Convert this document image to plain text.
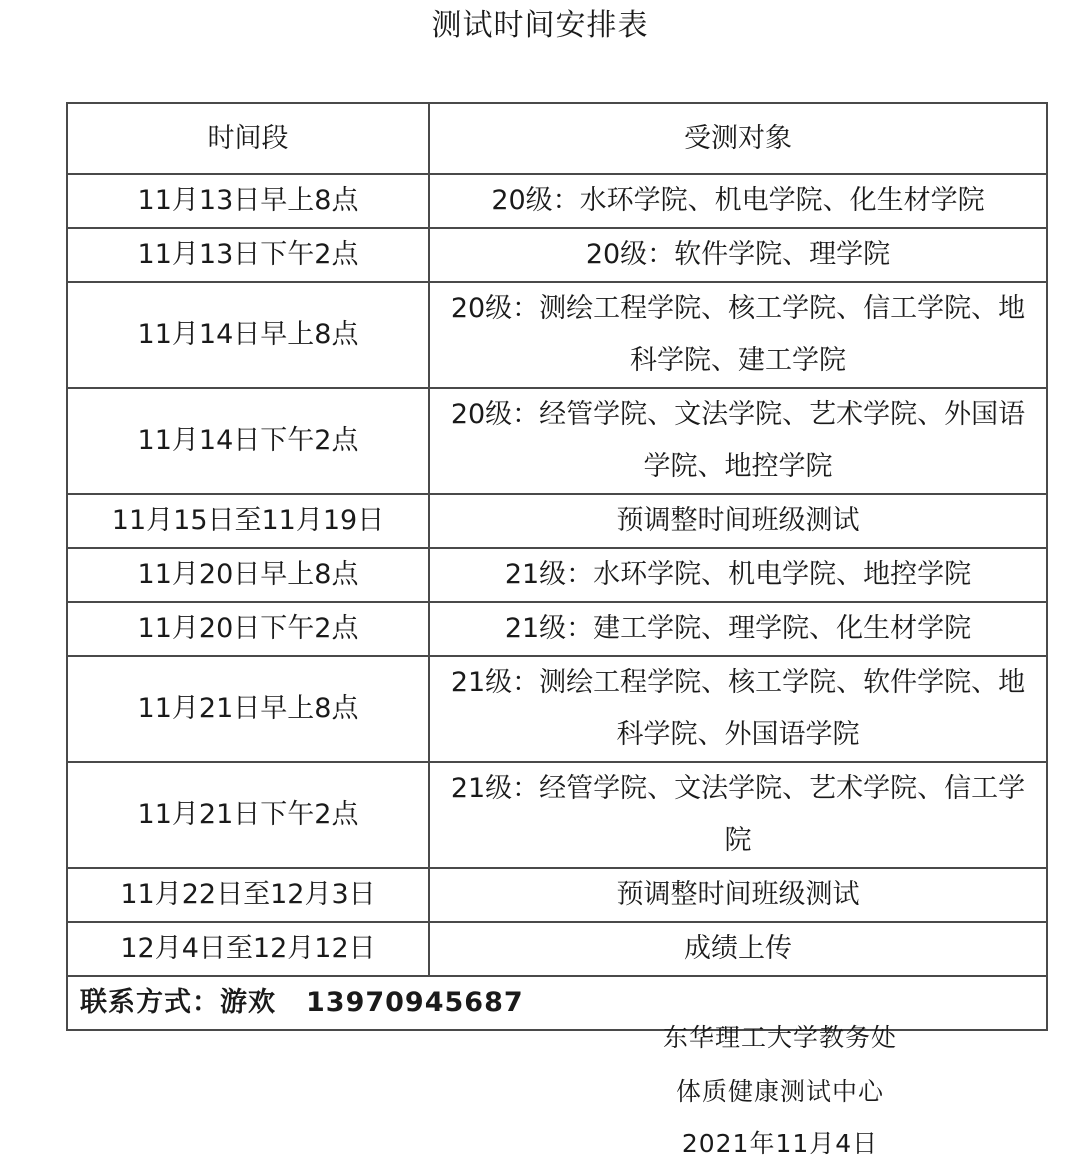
测试时间安排表
时间段	受测对象
11月13日早上8点	20级：水环学院、机电学院、化生材学院
11月13日下午2点	20级：软件学院、理学院
11月14日早上8点	20级：测绘工程学院、核工学院、信工学院、地科学院、建工学院
11月14日下午2点	20级：经管学院、文法学院、艺术学院、外国语学院、地控学院
11月15日至11月19日	预调整时间班级测试
11月20日早上8点	21级：水环学院、机电学院、地控学院
11月20日下午2点	21级：建工学院、理学院、化生材学院
11月21日早上8点	21级：测绘工程学院、核工学院、软件学院、地科学院、外国语学院
11月21日下午2点	21级：经管学院、文法学院、艺术学院、信工学院
11月22日至12月3日	预调整时间班级测试
12月4日至12月12日	成绩上传
联系方式：游欢 13970945687	
东华理工大学教务处
体质健康测试中心
2021年11月4日
